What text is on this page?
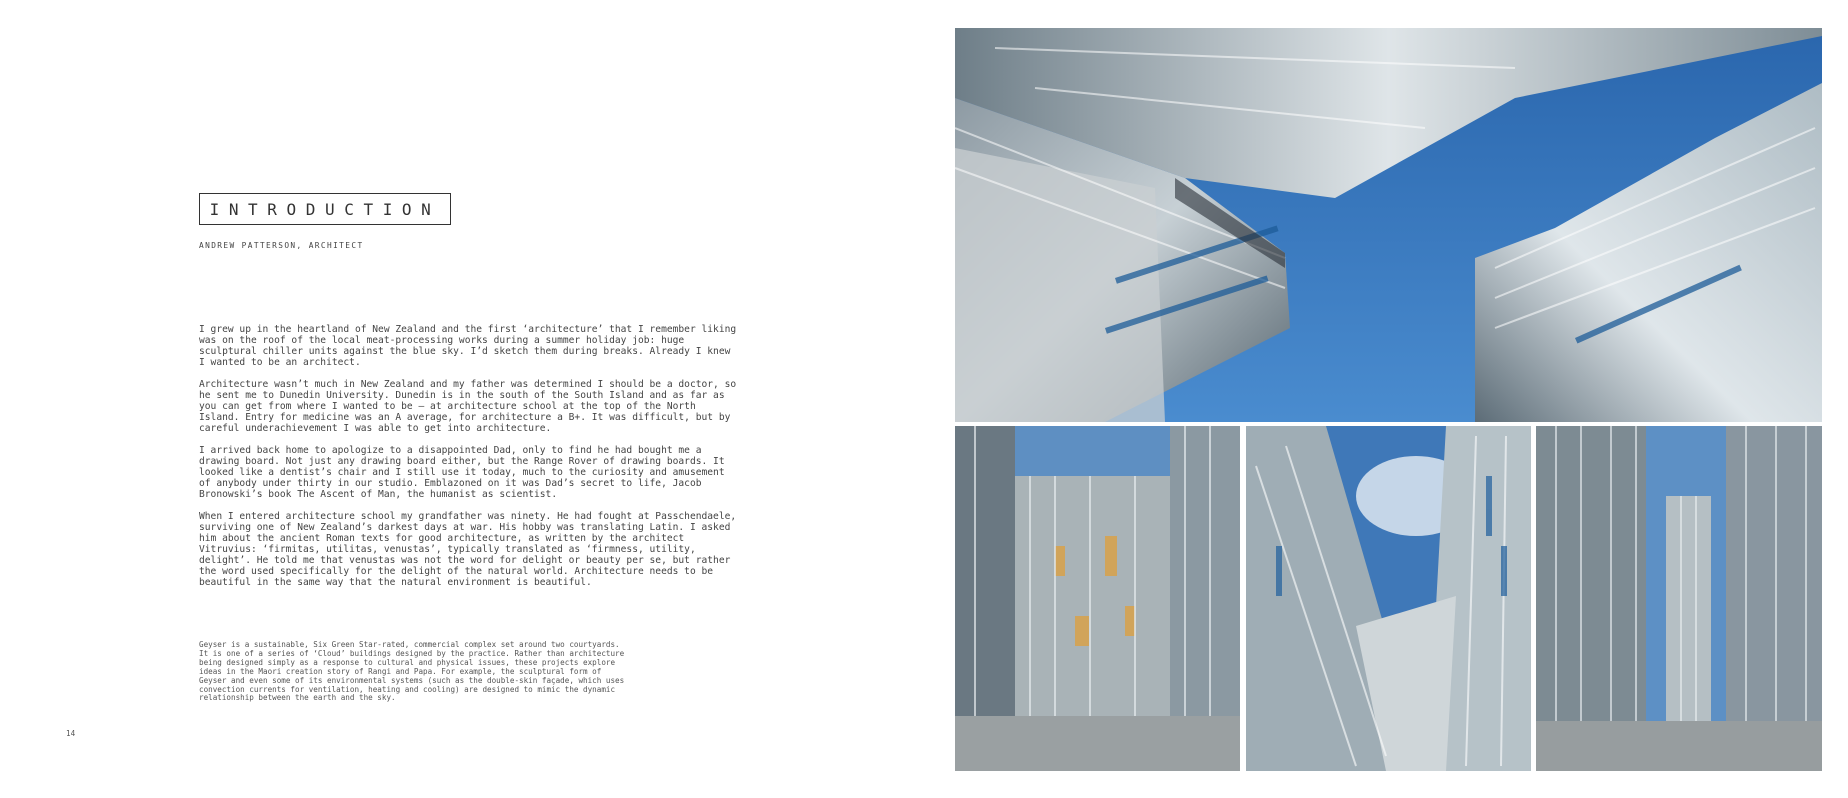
INTRODUCTION
ANDREW PATTERSON, ARCHITECT

I grew up in the heartland of New Zealand and the first ‘architecture’ that I remember liking was on the roof of the local meat-processing works during a summer holiday job: huge sculptural chiller units against the blue sky. I’d sketch them during breaks. Already I knew I wanted to be an architect.

Architecture wasn’t much in New Zealand and my father was determined I should be a doctor, so he sent me to Dunedin University. Dunedin is in the south of the South Island and as far as you can get from where I wanted to be – at architecture school at the top of the North Island. Entry for medicine was an A average, for architecture a B+. It was difficult, but by careful underachievement I was able to get into architecture.

I arrived back home to apologize to a disappointed Dad, only to find he had bought me a drawing board. Not just any drawing board either, but the Range Rover of drawing boards. It looked like a dentist’s chair and I still use it today, much to the curiosity and amusement of anybody under thirty in our studio. Emblazoned on it was Dad’s secret to life, Jacob Bronowski’s book The Ascent of Man, the humanist as scientist.

When I entered architecture school my grandfather was ninety. He had fought at Passchendaele, surviving one of New Zealand’s darkest days at war. His hobby was translating Latin. I asked him about the ancient Roman texts for good architecture, as written by the architect Vitruvius: ‘firmitas, utilitas, venustas’, typically translated as ‘firmness, utility, delight’. He told me that venustas was not the word for delight or beauty per se, but rather the word used specifically for the delight of the natural world. Architecture needs to be beautiful in the same way that the natural environment is beautiful.

Geyser is a sustainable, Six Green Star-rated, commercial complex set around two courtyards. It is one of a series of ‘Cloud’ buildings designed by the practice. Rather than architecture being designed simply as a response to cultural and physical issues, these projects explore ideas in the Maori creation story of Rangi and Papa. For example, the sculptural form of Geyser and even some of its environmental systems (such as the double-skin façade, which uses convection currents for ventilation, heating and cooling) are designed to mimic the dynamic relationship between the earth and the sky.

14
